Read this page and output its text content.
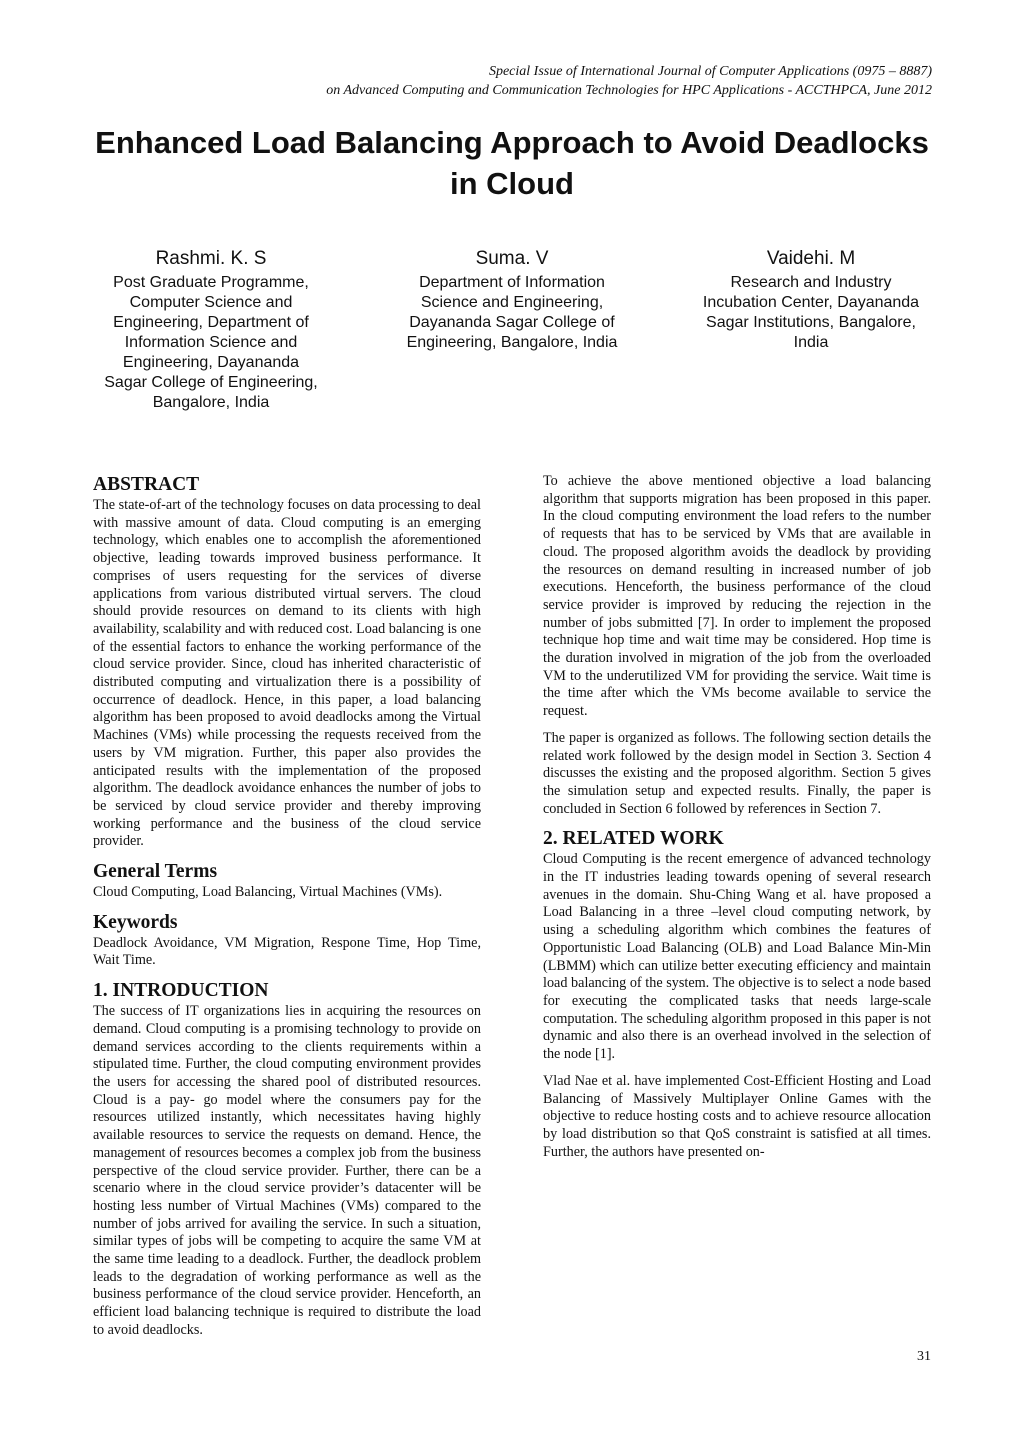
Special Issue of International Journal of Computer Applications (0975 – 8887)
on Advanced Computing and Communication Technologies for HPC Applications - ACCTHPCA, June 2012
Enhanced Load Balancing Approach to Avoid Deadlocks
in Cloud
Rashmi. K. S
Post Graduate Programme,
Computer Science and
Engineering, Department of
Information Science and
Engineering, Dayananda
Sagar College of Engineering,
Bangalore, India
Suma. V
Department of Information
Science and Engineering,
Dayananda Sagar College of
Engineering, Bangalore, India
Vaidehi. M
Research and Industry
Incubation Center, Dayananda
Sagar Institutions, Bangalore,
India
ABSTRACT

The state-of-art of the technology focuses on data processing to deal with massive amount of data. Cloud computing is an emerging technology, which enables one to accomplish the aforementioned objective, leading towards improved business performance. It comprises of users requesting for the services of diverse applications from various distributed virtual servers. The cloud should provide resources on demand to its clients with high availability, scalability and with reduced cost. Load balancing is one of the essential factors to enhance the working performance of the cloud service provider. Since, cloud has inherited characteristic of distributed computing and virtualization there is a possibility of occurrence of deadlock. Hence, in this paper, a load balancing algorithm has been proposed to avoid deadlocks among the Virtual Machines (VMs) while processing the requests received from the users by VM migration. Further, this paper also provides the anticipated results with the implementation of the proposed algorithm. The deadlock avoidance enhances the number of jobs to be serviced by cloud service provider and thereby improving working performance and the business of the cloud service provider.

General Terms

Cloud Computing, Load Balancing, Virtual Machines (VMs).

Keywords

Deadlock Avoidance, VM Migration, Respone Time, Hop Time, Wait Time.

1. INTRODUCTION

The success of IT organizations lies in acquiring the resources on demand. Cloud computing is a promising technology to provide on demand services according to the clients requirements within a stipulated time. Further, the cloud computing environment provides the users for accessing the shared pool of distributed resources. Cloud is a pay- go model where the consumers pay for the resources utilized instantly, which necessitates having highly available resources to service the requests on demand. Hence, the management of resources becomes a complex job from the business perspective of the cloud service provider. Further, there can be a scenario where in the cloud service provider’s datacenter will be hosting less number of Virtual Machines (VMs) compared to the number of jobs arrived for availing the service. In such a situation, similar types of jobs will be competing to acquire the same VM at the same time leading to a deadlock. Further, the deadlock problem leads to the degradation of working performance as well as the business performance of the cloud service provider. Henceforth, an efficient load balancing technique is required to distribute the load to avoid deadlocks.

To achieve the above mentioned objective a load balancing algorithm that supports migration has been proposed in this paper. In the cloud computing environment the load refers to the number of requests that has to be serviced by VMs that are available in cloud. The proposed algorithm avoids the deadlock by providing the resources on demand resulting in increased number of job executions. Henceforth, the business performance of the cloud service provider is improved by reducing the rejection in the number of jobs submitted [7]. In order to implement the proposed technique hop time and wait time may be considered. Hop time is the duration involved in migration of the job from the overloaded VM to the underutilized VM for providing the service. Wait time is the time after which the VMs become available to service the request.

The paper is organized as follows. The following section details the related work followed by the design model in Section 3. Section 4 discusses the existing and the proposed algorithm. Section 5 gives the simulation setup and expected results. Finally, the paper is concluded in Section 6 followed by references in Section 7.

2. RELATED WORK

Cloud Computing is the recent emergence of advanced technology in the IT industries leading towards opening of several research avenues in the domain. Shu-Ching Wang et al. have proposed a Load Balancing in a three –level cloud computing network, by using a scheduling algorithm which combines the features of Opportunistic Load Balancing (OLB) and Load Balance Min-Min (LBMM) which can utilize better executing efficiency and maintain load balancing of the system. The objective is to select a node based for executing the complicated tasks that needs large-scale computation. The scheduling algorithm proposed in this paper is not dynamic and also there is an overhead involved in the selection of the node [1].

Vlad Nae et al. have implemented Cost-Efficient Hosting and Load Balancing of Massively Multiplayer Online Games with the objective to reduce hosting costs and to achieve resource allocation by load distribution so that QoS constraint is satisfied at all times. Further, the authors have presented on-

31
